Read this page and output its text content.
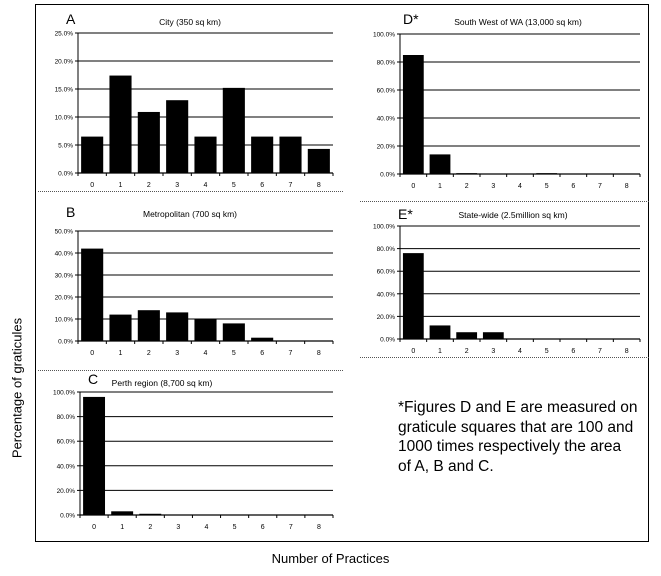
Percentage of graticules
Number of Practices
*Figures D and E are measured on graticule squares that are 100 and 1000 times respectively the area of A, B and C.
A
B
C
D*
E*
City (350 sq km)
0.0%
5.0%
10.0%
15.0%
20.0%
25.0%
0	1	2	3	4	5	6	7	8
Metropolitan (700 sq km)
0.0%
10.0%
20.0%
30.0%
40.0%
50.0%
0	1	2	3	4	5	6	7	8
Perth region (8,700 sq km)
0.0%
20.0%
40.0%
60.0%
80.0%
100.0%
0	1	2	3	4	5	6	7	8
South West of WA (13,000 sq km)
0.0%
20.0%
40.0%
60.0%
80.0%
100.0%
0	1	2	3	4	5	6	7	8
State-wide (2.5million sq km)
0.0%
20.0%
40.0%
60.0%
80.0%
100.0%
0	1	2	3	4	5	6	7	8
